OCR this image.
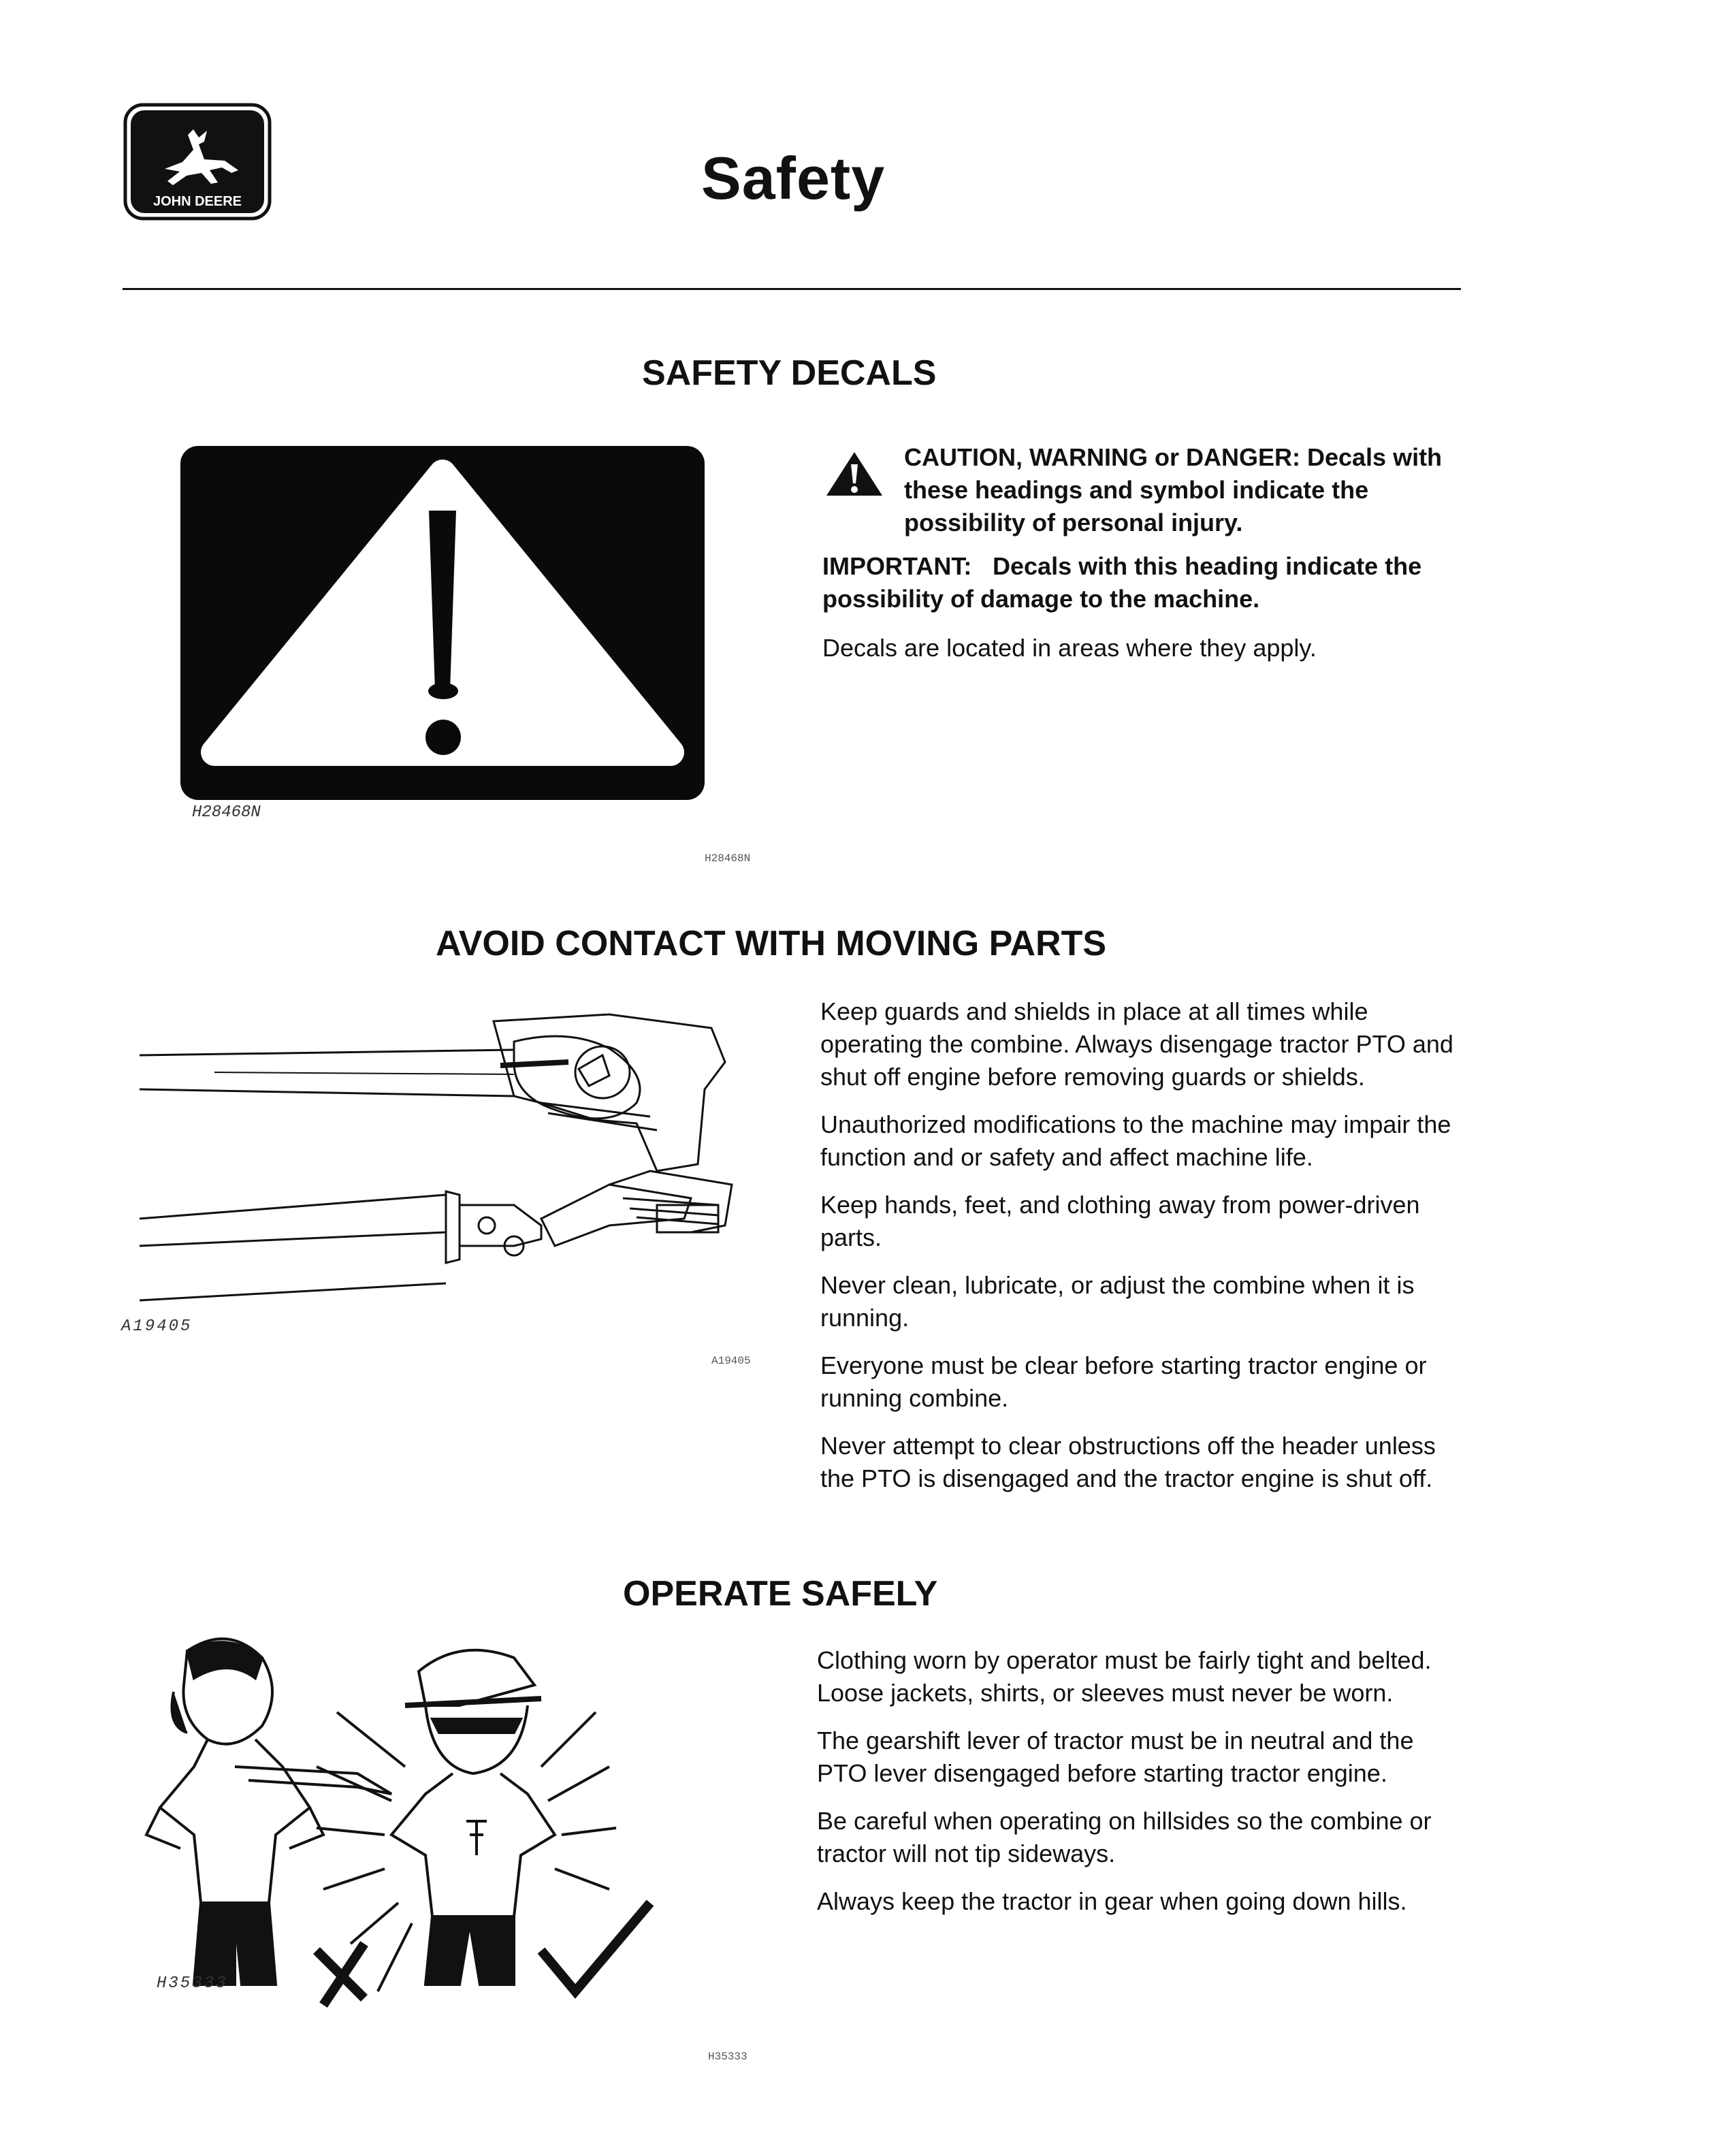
JOHN DEERE	Safety
SAFETY DECALS
H28468N
H28468N
CAUTION, WARNING or DANGER: Decals with these headings and symbol indicate the possibility of personal injury.
IMPORTANT: Decals with this heading indicate the possibility of damage to the machine.

Decals are located in areas where they apply.

AVOID CONTACT WITH MOVING PARTS
A19405
A19405

Keep guards and shields in place at all times while operating the combine. Always disengage tractor PTO and shut off engine before removing guards or shields.

Unauthorized modifications to the machine may impair the function and or safety and affect machine life.

Keep hands, feet, and clothing away from power-driven parts.

Never clean, lubricate, or adjust the combine when it is running.

Everyone must be clear before starting tractor engine or running combine.

Never attempt to clear obstructions off the header unless the PTO is disengaged and the tractor engine is shut off.

OPERATE SAFELY
H35333
H35333

Clothing worn by operator must be fairly tight and belted. Loose jackets, shirts, or sleeves must never be worn.

The gearshift lever of tractor must be in neutral and the PTO lever disengaged before starting tractor engine.

Be careful when operating on hillsides so the combine or tractor will not tip sideways.

Always keep the tractor in gear when going down hills.
